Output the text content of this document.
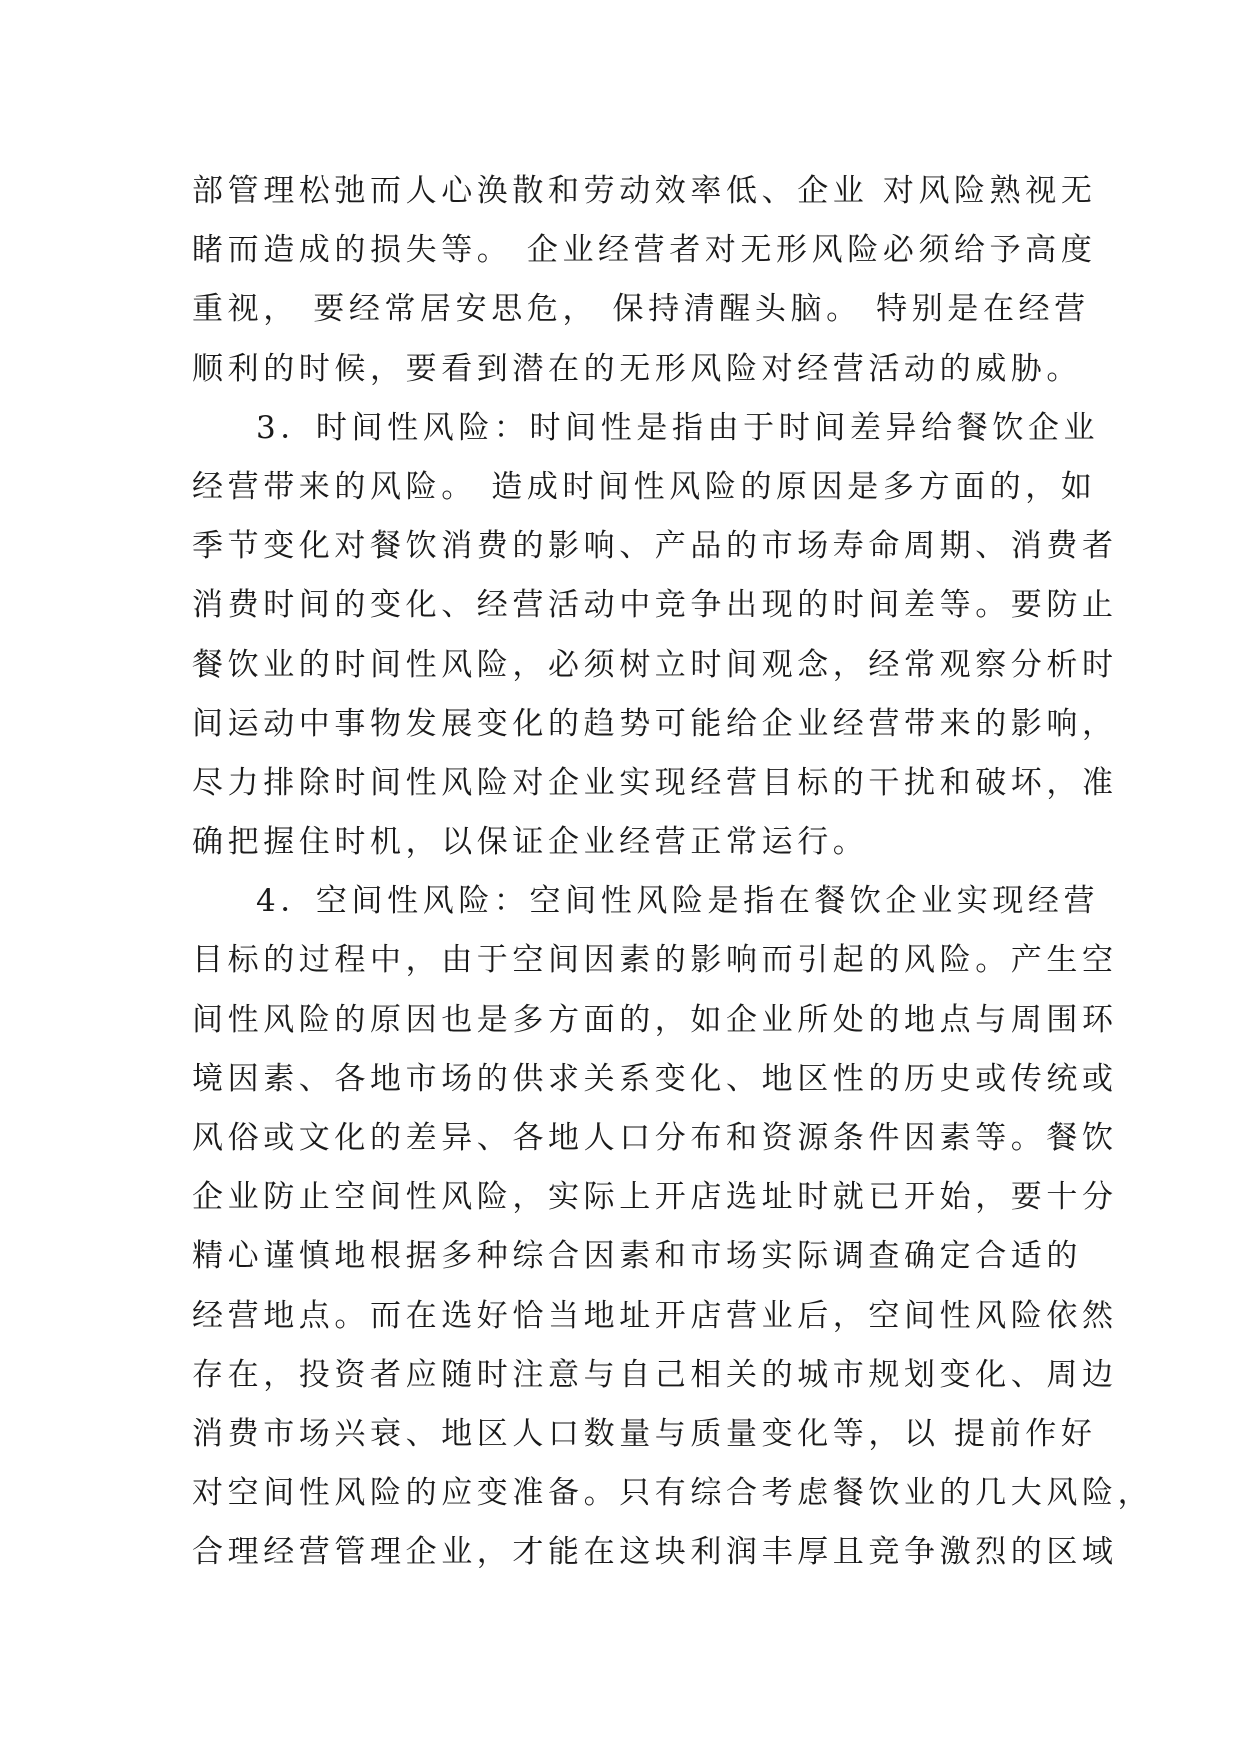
部管理松弛而人心涣散和劳动效率低、企业 对风险熟视无
睹而造成的损失等。 企业经营者对无形风险必须给予高度
重视， 要经常居安思危， 保持清醒头脑。 特别是在经营
顺利的时候，要看到潜在的无形风险对经营活动的威胁。
3．时间性风险：时间性是指由于时间差异给餐饮企业
经营带来的风险。 造成时间性风险的原因是多方面的，如
季节变化对餐饮消费的影响、产品的市场寿命周期、消费者
消费时间的变化、经营活动中竞争出现的时间差等。要防止
餐饮业的时间性风险，必须树立时间观念，经常观察分析时
间运动中事物发展变化的趋势可能给企业经营带来的影响，
尽力排除时间性风险对企业实现经营目标的干扰和破坏，准
确把握住时机，以保证企业经营正常运行。
4．空间性风险：空间性风险是指在餐饮企业实现经营
目标的过程中，由于空间因素的影响而引起的风险。产生空
间性风险的原因也是多方面的，如企业所处的地点与周围环
境因素、各地市场的供求关系变化、地区性的历史或传统或
风俗或文化的差异、各地人口分布和资源条件因素等。餐饮
企业防止空间性风险，实际上开店选址时就已开始，要十分
精心谨慎地根据多种综合因素和市场实际调查确定合适的
经营地点。而在选好恰当地址开店营业后，空间性风险依然
存在，投资者应随时注意与自己相关的城市规划变化、周边
消费市场兴衰、地区人口数量与质量变化等，以 提前作好
对空间性风险的应变准备。只有综合考虑餐饮业的几大风险，
合理经营管理企业，才能在这块利润丰厚且竞争激烈的区域
